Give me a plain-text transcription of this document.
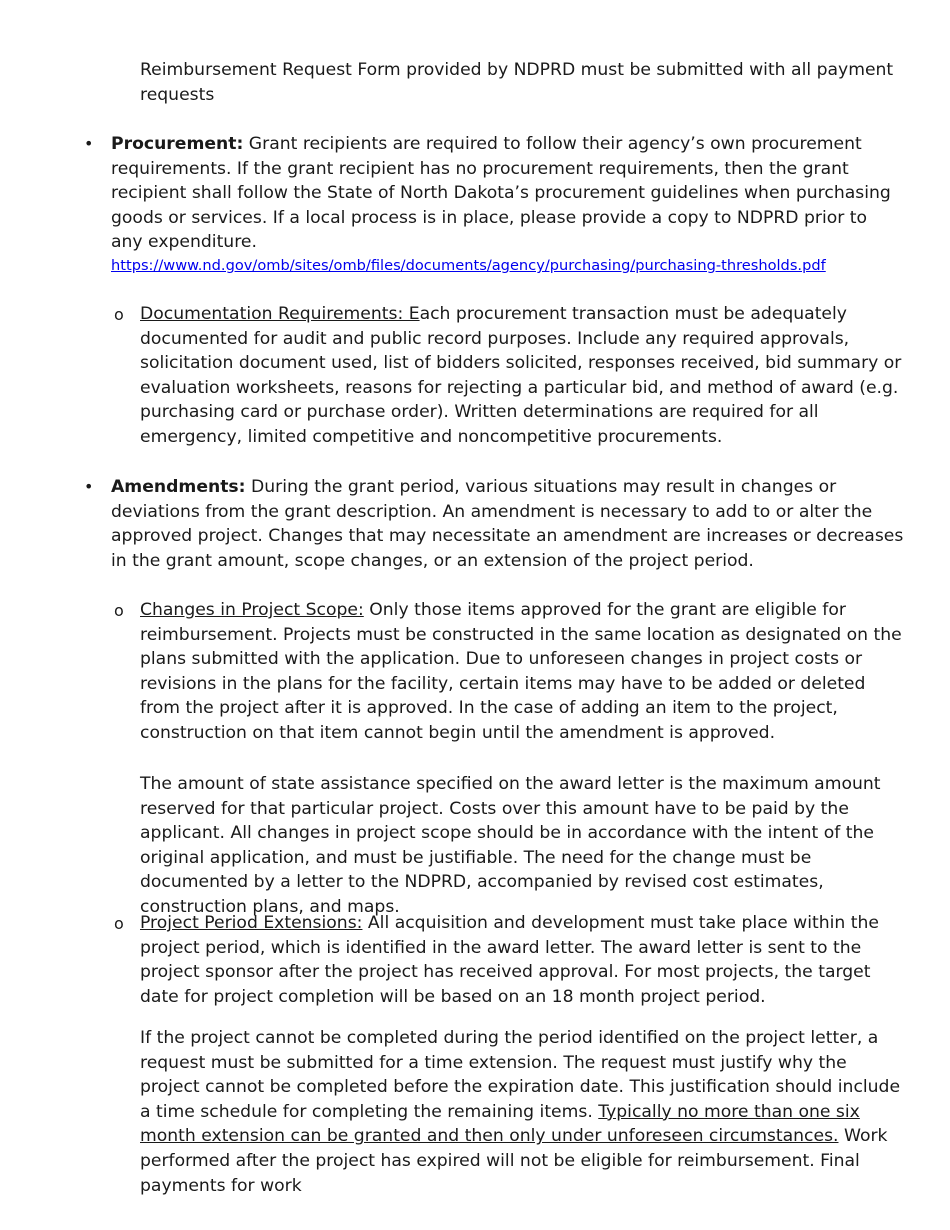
Reimbursement Request Form provided by NDPRD must be submitted with all payment requests

• Procurement: Grant recipients are required to follow their agency’s own procurement requirements. If the grant recipient has no procurement requirements, then the grant recipient shall follow the State of North Dakota’s procurement guidelines when purchasing goods or services. If a local process is in place, please provide a copy to NDPRD prior to any expenditure.

https://www.nd.gov/omb/sites/omb/files/documents/agency/purchasing/purchasing-thresholds.pdf

o Documentation Requirements: Each procurement transaction must be adequately documented for audit and public record purposes. Include any required approvals, solicitation document used, list of bidders solicited, responses received, bid summary or evaluation worksheets, reasons for rejecting a particular bid, and method of award (e.g. purchasing card or purchase order). Written determinations are required for all emergency, limited competitive and noncompetitive procurements.

• Amendments: During the grant period, various situations may result in changes or deviations from the grant description. An amendment is necessary to add to or alter the approved project. Changes that may necessitate an amendment are increases or decreases in the grant amount, scope changes, or an extension of the project period.

o Changes in Project Scope: Only those items approved for the grant are eligible for reimbursement. Projects must be constructed in the same location as designated on the plans submitted with the application. Due to unforeseen changes in project costs or revisions in the plans for the facility, certain items may have to be added or deleted from the project after it is approved. In the case of adding an item to the project, construction on that item cannot begin until the amendment is approved.

The amount of state assistance specified on the award letter is the maximum amount reserved for that particular project. Costs over this amount have to be paid by the applicant. All changes in project scope should be in accordance with the intent of the original application, and must be justifiable. The need for the change must be documented by a letter to the NDPRD, accompanied by revised cost estimates, construction plans, and maps.

o Project Period Extensions: All acquisition and development must take place within the project period, which is identified in the award letter. The award letter is sent to the project sponsor after the project has received approval. For most projects, the target date for project completion will be based on an 18 month project period.

If the project cannot be completed during the period identified on the project letter, a request must be submitted for a time extension. The request must justify why the project cannot be completed before the expiration date. This justification should include a time schedule for completing the remaining items. Typically no more than one six month extension can be granted and then only under unforeseen circumstances. Work performed after the project has expired will not be eligible for reimbursement. Final payments for work
